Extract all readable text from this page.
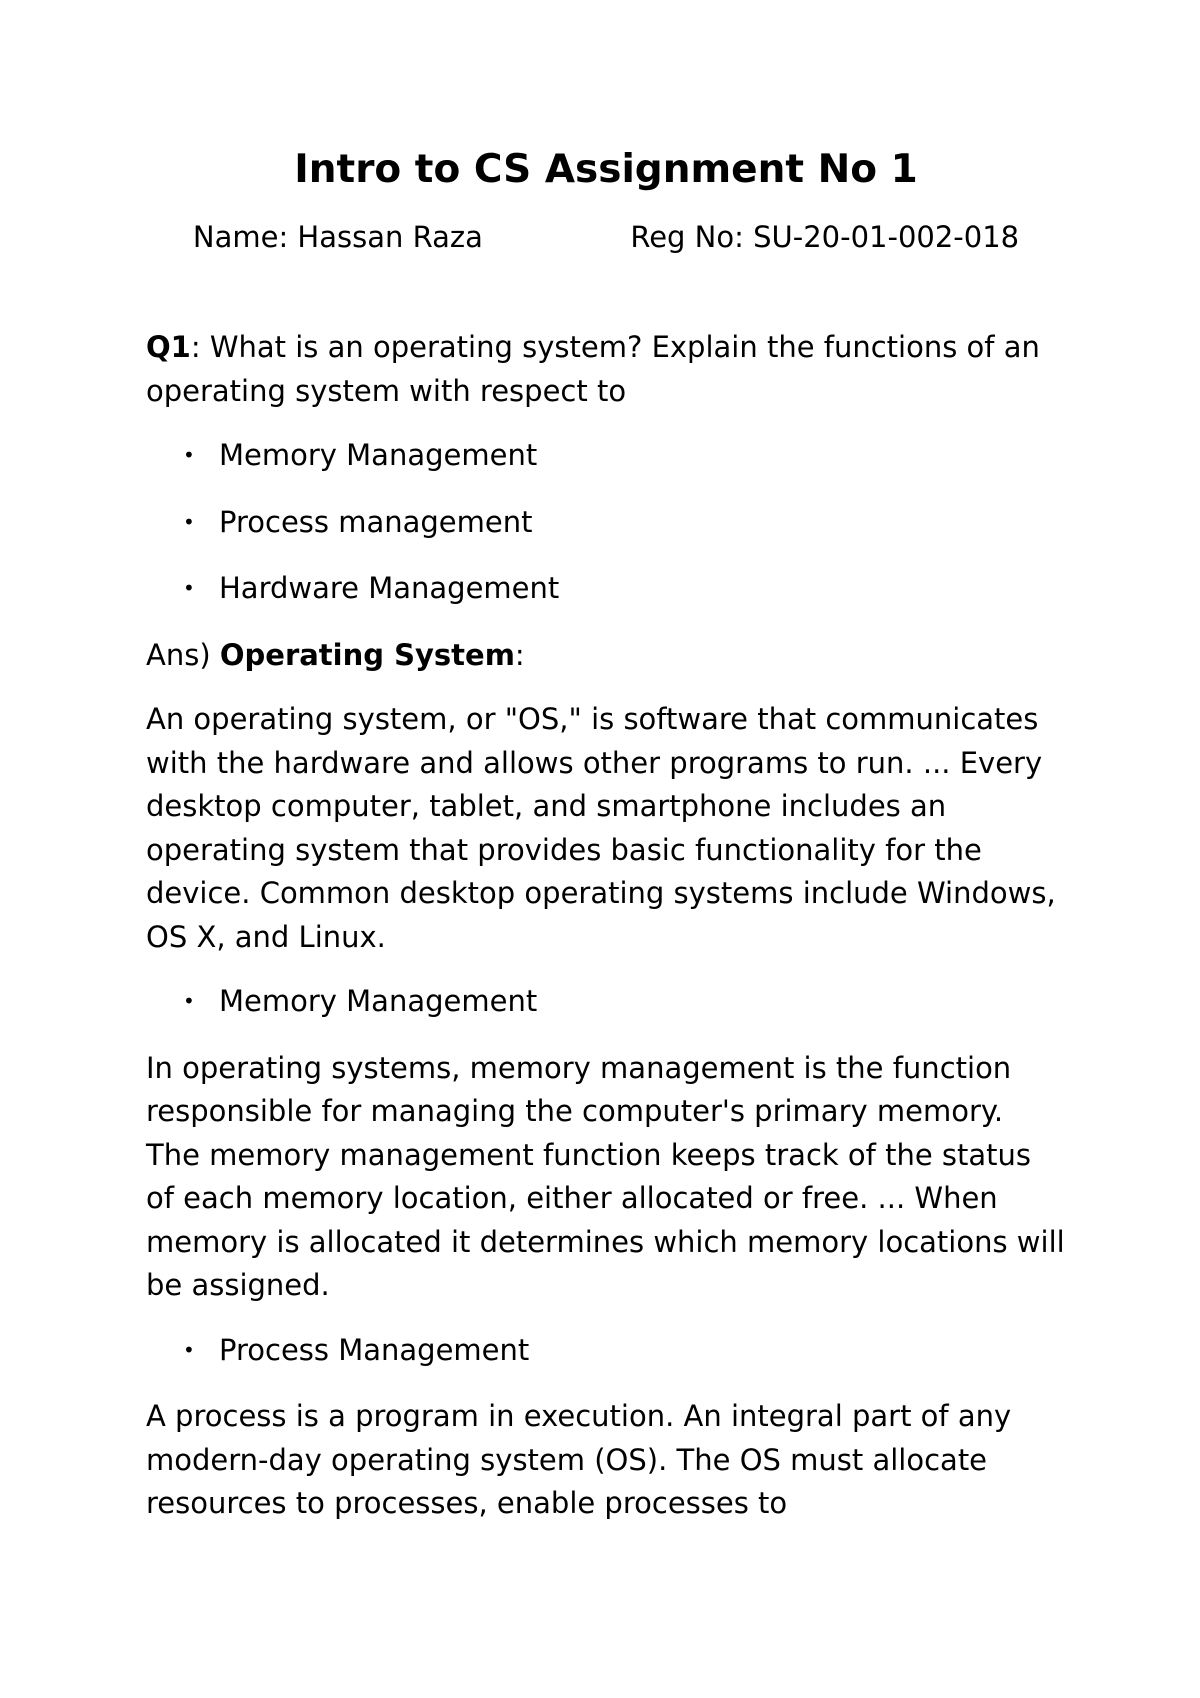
Intro to CS Assignment No 1
Name: Hassan Raza                Reg No: SU-20-01-002-018

Q1: What is an operating system? Explain the functions of an operating system with respect to

• Memory Management
• Process management
• Hardware Management

Ans) Operating System:

An operating system, or "OS," is software that communicates with the hardware and allows other programs to run. ... Every desktop computer, tablet, and smartphone includes an operating system that provides basic functionality for the device. Common desktop operating systems include Windows, OS X, and Linux.

• Memory Management

In operating systems, memory management is the function responsible for managing the computer's primary memory. The memory management function keeps track of the status of each memory location, either allocated or free. ... When memory is allocated it determines which memory locations will be assigned.

• Process Management

A process is a program in execution. An integral part of any modern-day operating system (OS). The OS must allocate resources to processes, enable processes to
